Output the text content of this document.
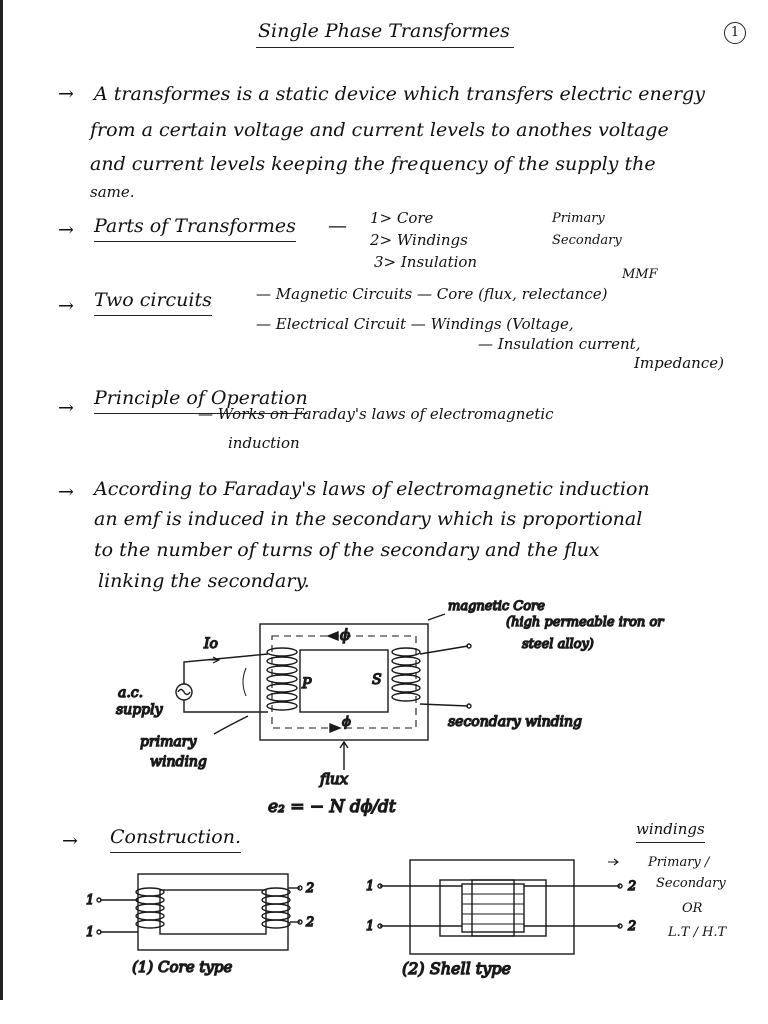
Single Phase Transformes	1
→ A transformes is a static device which transfers electric energy
from a certain voltage and current levels to anothes voltage
and current levels keeping the frequency of the supply the
same.
→ Parts of Transformes — 1> Core
2> Windings
3> Insulation
Primary
Secondary
→ Two circuits
MMF
— Magnetic Circuits — Core (flux, relectance)
— Electrical Circuit — Windings (Voltage,
— Insulation current,
Impedance)
→ Principle of Operation
— Works on Faraday's laws of electromagnetic
induction
→ According to Faraday's laws of electromagnetic induction
an emf is induced in the secondary which is proportional
to the number of turns of the secondary and the flux
linking the secondary.
magnetic Core
(high permeable iron or
steel alloy)
Io
a.c.
supply
primary
winding
P	S
ϕ
ϕ	secondary winding
flux
e₂ = − N dϕ/dt
→ Construction.	windings
Primary /
Secondary
OR
L.T / H.T
1
1
2
2
1
1
2
2
(1) Core type	(2) Shell type
